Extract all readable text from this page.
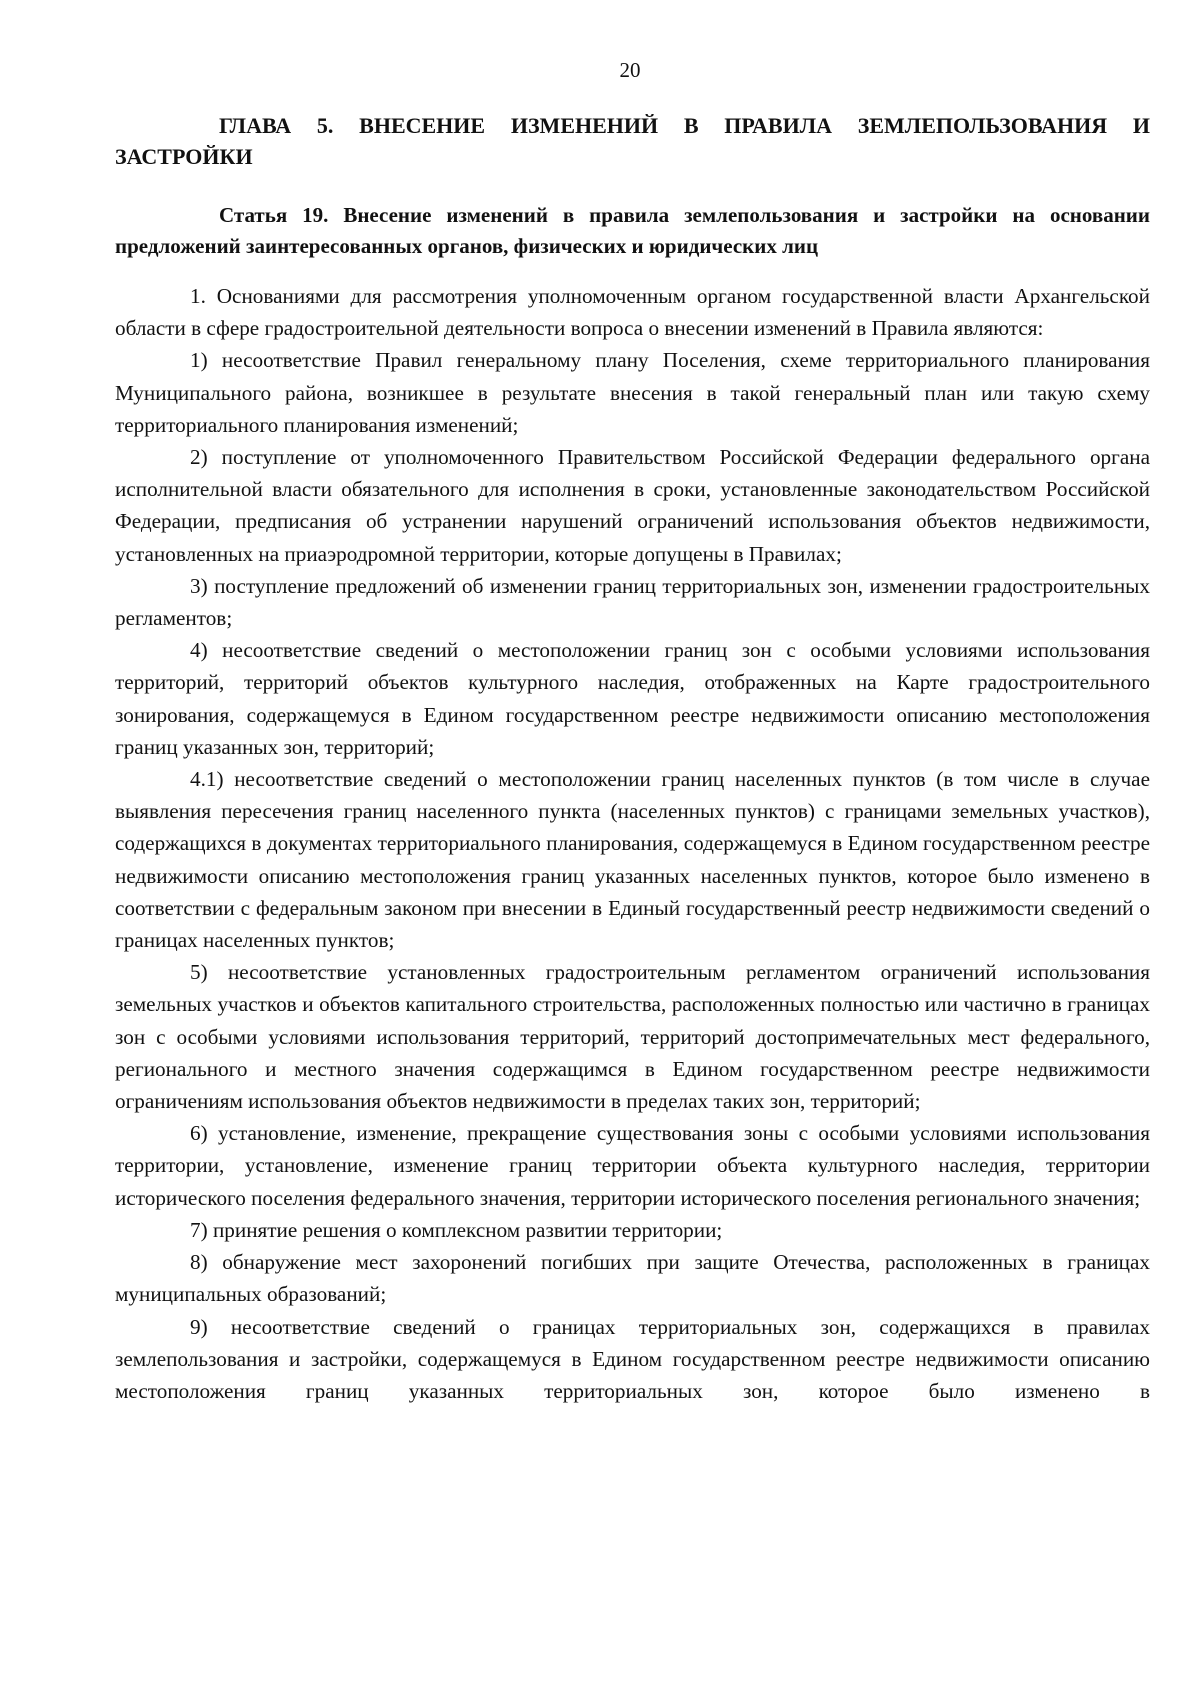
20

ГЛАВА 5. ВНЕСЕНИЕ ИЗМЕНЕНИЙ В ПРАВИЛА ЗЕМЛЕПОЛЬЗОВАНИЯ И ЗАСТРОЙКИ

Статья 19. Внесение изменений в правила землепользования и застройки на основании предложений заинтересованных органов, физических и юридических лиц

1. Основаниями для рассмотрения уполномоченным органом государственной власти Архангельской области в сфере градостроительной деятельности вопроса о внесении изменений в Правила являются:

1) несоответствие Правил генеральному плану Поселения, схеме территориального планирования Муниципального района, возникшее в результате внесения в такой генеральный план или такую схему территориального планирования изменений;

2) поступление от уполномоченного Правительством Российской Федерации федерального органа исполнительной власти обязательного для исполнения в сроки, установленные законодательством Российской Федерации, предписания об устранении нарушений ограничений использования объектов недвижимости, установленных на приаэродромной территории, которые допущены в Правилах;

3) поступление предложений об изменении границ территориальных зон, изменении градостроительных регламентов;

4) несоответствие сведений о местоположении границ зон с особыми условиями использования территорий, территорий объектов культурного наследия, отображенных на Карте градостроительного зонирования, содержащемуся в Едином государственном реестре недвижимости описанию местоположения границ указанных зон, территорий;

4.1) несоответствие сведений о местоположении границ населенных пунктов (в том числе в случае выявления пересечения границ населенного пункта (населенных пунктов) с границами земельных участков), содержащихся в документах территориального планирования, содержащемуся в Едином государственном реестре недвижимости описанию местоположения границ указанных населенных пунктов, которое было изменено в соответствии с федеральным законом при внесении в Единый государственный реестр недвижимости сведений о границах населенных пунктов;

5) несоответствие установленных градостроительным регламентом ограничений использования земельных участков и объектов капитального строительства, расположенных полностью или частично в границах зон с особыми условиями использования территорий, территорий достопримечательных мест федерального, регионального и местного значения содержащимся в Едином государственном реестре недвижимости ограничениям использования объектов недвижимости в пределах таких зон, территорий;

6) установление, изменение, прекращение существования зоны с особыми условиями использования территории, установление, изменение границ территории объекта культурного наследия, территории исторического поселения федерального значения, территории исторического поселения регионального значения;

7) принятие решения о комплексном развитии территории;

8) обнаружение мест захоронений погибших при защите Отечества, расположенных в границах муниципальных образований;

9) несоответствие сведений о границах территориальных зон, содержащихся в правилах землепользования и застройки, содержащемуся в Едином государственном реестре недвижимости описанию местоположения границ указанных территориальных зон, которое было изменено в
